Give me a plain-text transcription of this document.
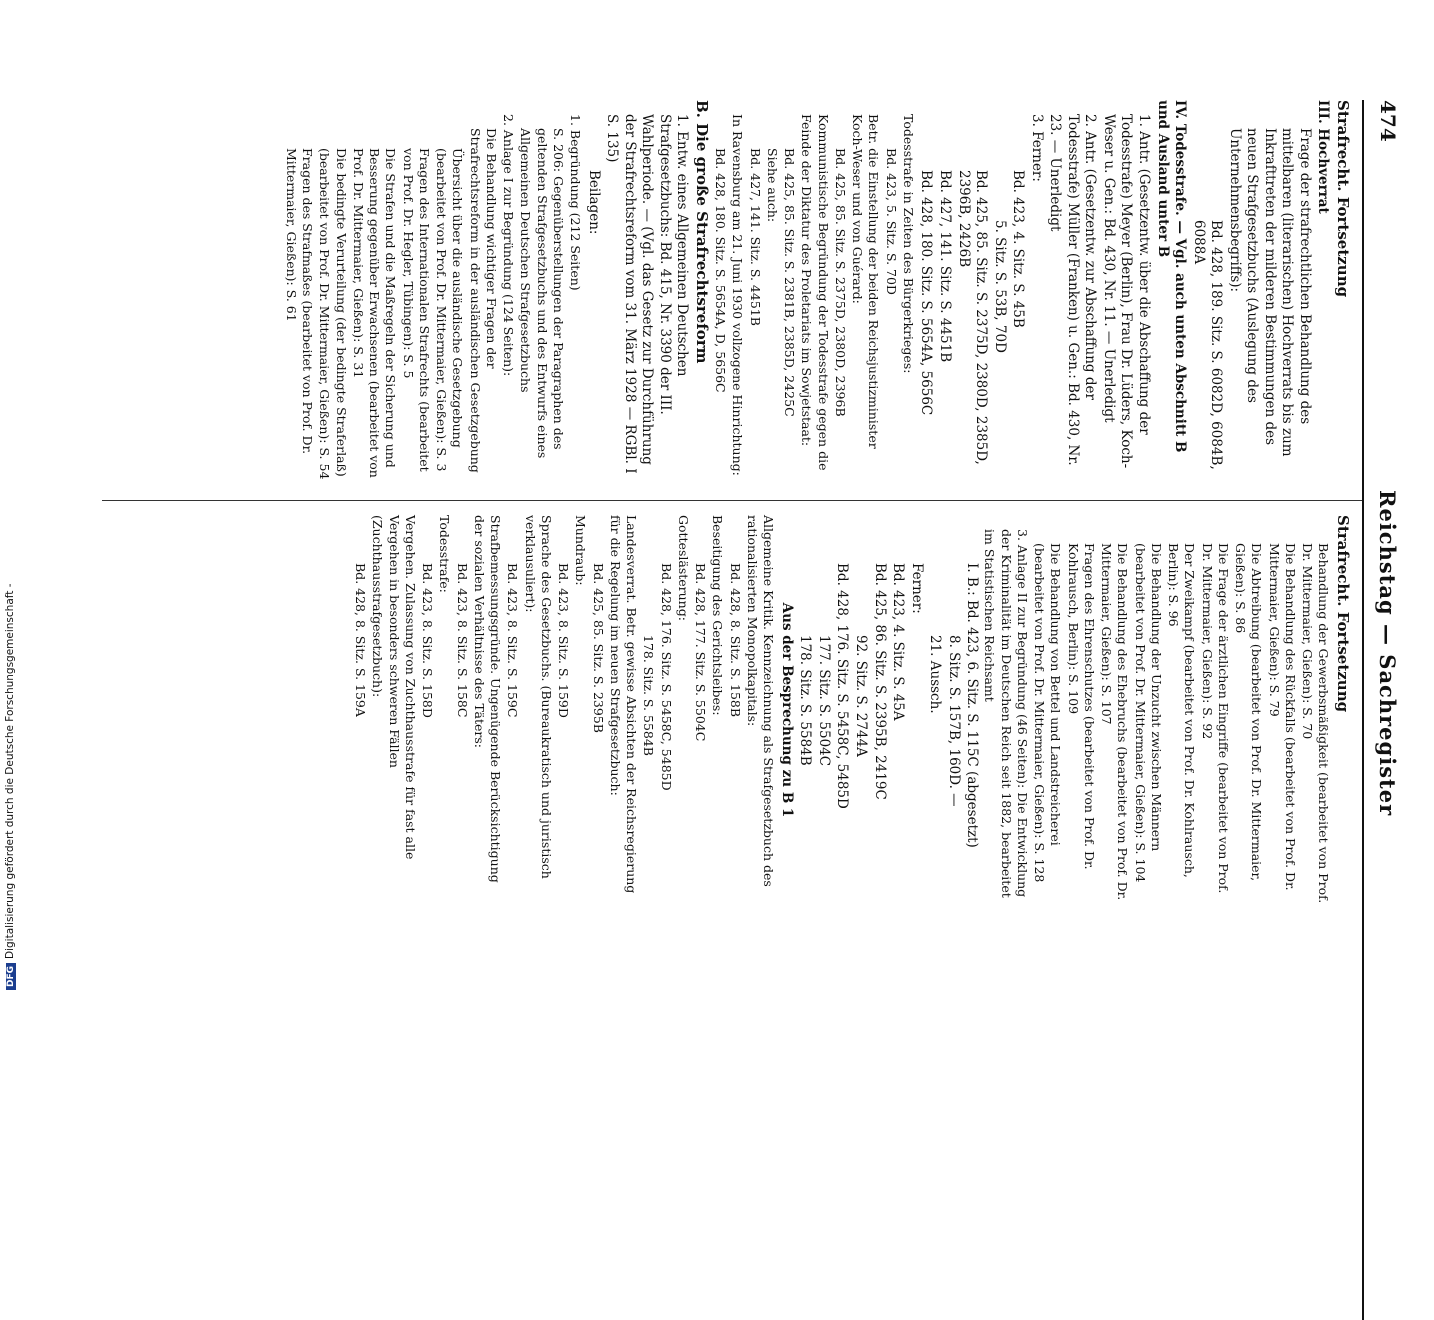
474
Reichstag — Sachregister
Strafrecht. Fortsetzung
III. Hochverrat
Frage der strafrechtlichen Behandlung des mittelbaren (literarischen) Hochverrats bis zum Inkrafttreten der milderen Bestimmungen des neuen Strafgesetzbuchs (Auslegung des Unternehmensbegriffs):
Bd. 428, 189. Sitz. S. 6082D, 6084B, 6088A
IV. Todesstrafe. — Vgl. auch unten Abschnitt B und Ausland unter B
1. Antr. (Gesetzentw. über die Abschaffung der Todesstrafe) Meyer (Berlin), Frau Dr. Lüders, Koch-Weser u. Gen.: Bd. 430, Nr. 11. — Unerledigt
2. Antr. (Gesetzentw. zur Abschaffung der Todesstrafe) Müller (Franken) u. Gen.: Bd. 430, Nr. 23. — Unerledigt
3. Ferner:
Bd. 423, 4. Sitz. S. 45B
5. Sitz. S. 53B, 70D
Bd. 425, 85. Sitz. S. 2375D, 2380D, 2385D, 2396B, 2426B
Bd. 427, 141. Sitz. S. 4451B
Bd. 428, 180. Sitz. S. 5654A, 5656C
Todesstrafe in Zeiten des Bürgerkrieges:
Bd. 423, 5. Sitz. S. 70D
Betr. die Einstellung der beiden Reichsjustizminister Koch-Weser und von Guérard:
Bd. 425, 85. Sitz. S. 2375D, 2380D, 2396B
Kommunistische Begründung der Todesstrafe gegen die Feinde der Diktatur des Proletariats im Sowjetstaat:
Bd. 425, 85. Sitz. S. 2381B, 2385D, 2425C
Siehe auch:
Bd. 427, 141. Sitz. S. 4451B
In Ravensburg am 21. Juni 1930 vollzogene Hinrichtung:
Bd. 428, 180. Sitz. S. 5654A, D, 5656C
B. Die große Strafrechtsreform
1. Entw. eines Allgemeinen Deutschen Strafgesetzbuchs: Bd. 415, Nr. 3390 der III. Wahlperiode. — (Vgl. das Gesetz zur Durchführung der Strafrechtsreform vom 31. März 1928 — RGBl. I S. 135)
Beilagen:
1. Begründung (212 Seiten)
S. 206: Gegenüberstellungen der Paragraphen des geltenden Strafgesetzbuchs und des Entwurfs eines Allgemeinen Deutschen Strafgesetzbuchs
2. Anlage I zur Begründung (124 Seiten):
Die Behandlung wichtiger Fragen der Strafrechtsreform in der ausländischen Gesetzgebung
Übersicht über die ausländische Gesetzgebung (bearbeitet von Prof. Dr. Mittermaier, Gießen): S. 3
Fragen des Internationalen Strafrechts (bearbeitet von Prof. Dr. Hegler, Tübingen): S. 5
Die Strafen und die Maßregeln der Sicherung und Besserung gegenüber Erwachsenen (bearbeitet von Prof. Dr. Mittermaier, Gießen): S. 31
Die bedingte Verurteilung (der bedingte Straferlaß) (bearbeitet von Prof. Dr. Mittermaier, Gießen): S. 54
Fragen des Strafmaßes (bearbeitet von Prof. Dr. Mittermaier, Gießen): S. 61
Strafrecht. Fortsetzung
Behandlung der Gewerbsmäßigkeit (bearbeitet von Prof. Dr. Mittermaier, Gießen): S. 70
Die Behandlung des Rückfalls (bearbeitet von Prof. Dr. Mittermaier, Gießen): S. 79
Die Abtreibung (bearbeitet von Prof. Dr. Mittermaier, Gießen): S. 86
Die Frage der ärztlichen Eingriffe (bearbeitet von Prof. Dr. Mittermaier, Gießen): S. 92
Der Zweikampf (bearbeitet von Prof. Dr. Kohlrausch, Berlin): S. 96
Die Behandlung der Unzucht zwischen Männern (bearbeitet von Prof. Dr. Mittermaier, Gießen): S. 104
Die Behandlung des Ehebruchs (bearbeitet von Prof. Dr. Mittermaier, Gießen): S. 107
Fragen des Ehrenschutzes (bearbeitet von Prof. Dr. Kohlrausch, Berlin): S. 109
Die Behandlung von Bettel und Landstreicherei (bearbeitet von Prof. Dr. Mittermaier, Gießen): S. 128
3. Anlage II zur Begründung (46 Seiten): Die Entwicklung der Kriminalität im Deutschen Reich seit 1882, bearbeitet im Statistischen Reichsamt
I. B.: Bd. 423, 6. Sitz. S. 115C (abgesetzt)
8. Sitz. S. 157B, 160D. —
21. Aussch.
Ferner:
Bd. 423, 4. Sitz. S. 45A
Bd. 425, 86. Sitz. S. 2395B, 2419C
92. Sitz. S. 2744A
Bd. 428, 176. Sitz. S. 5458C, 5485D
177. Sitz. S. 5504C
178. Sitz. S. 5584B
Aus der Besprechung zu B 1
Allgemeine Kritik. Kennzeichnung als Strafgesetzbuch des rationalisierten Monopolkapitals:
Bd. 428, 8. Sitz. S. 158B
Beseitigung des Gerichtsleibes:
Bd. 428, 177. Sitz. S. 5504C
Gotteslästerung:
Bd. 428, 176. Sitz. S. 5458C, 5485D
178. Sitz. S. 5584B
Landesverrat. Betr. gewisse Absichten der Reichsregierung für die Regelung im neuen Strafgesetzbuch:
Bd. 425, 85. Sitz. S. 2395B
Mundraub:
Bd. 423, 8. Sitz. S. 159D
Sprache des Gesetzbuchs. (Bureaukratisch und juristisch verklausuliert):
Bd. 423, 8. Sitz. S. 159C
Strafbemessungsgründe. Ungenügende Berücksichtigung der sozialen Verhältnisse des Täters:
Bd. 423, 8. Sitz. S. 158C
Todesstrafe:
Bd. 423, 8. Sitz. S. 158D
Vergehen. Zulassung von Zuchthausstrafe für fast alle Vergehen in besonders schweren Fällen (Zuchthausstrafgesetzbuch):
Bd. 428, 8. Sitz. S. 159A
DFGDigitalisierung gefördert durch die Deutsche Forschungsgemeinschaft -
